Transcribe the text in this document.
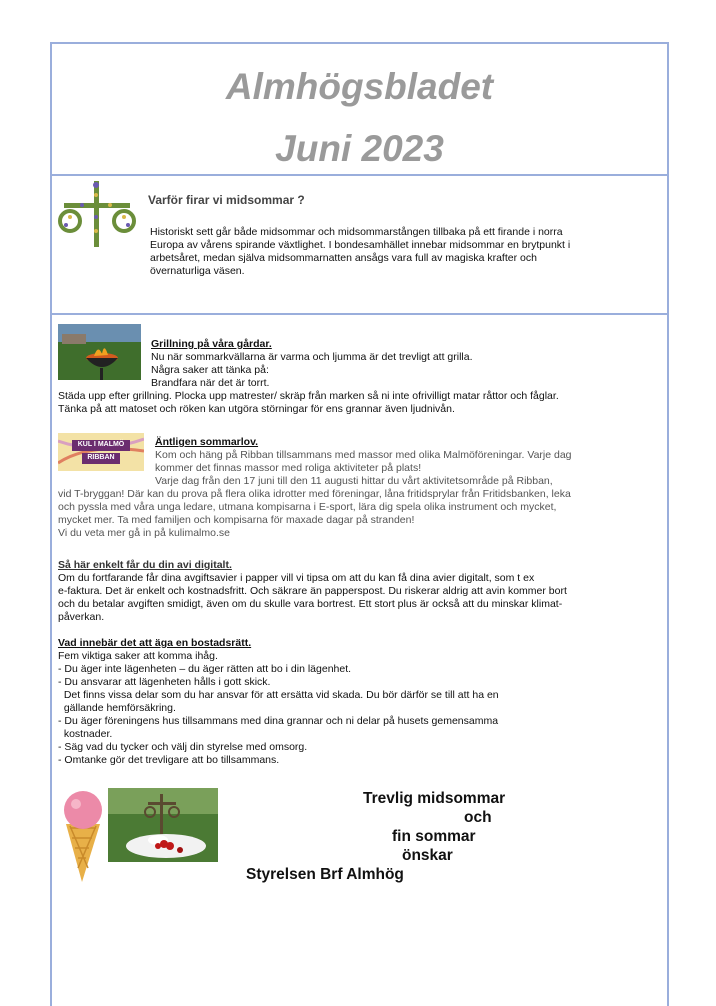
Almhögsbladet
Juni 2023
Varför firar vi midsommar ?
Historiskt sett går både midsommar och midsommarstången tillbaka på ett firande i norra
Europa av vårens spirande växtlighet. I bondesamhället innebar midsommar en brytpunkt i
arbetsåret, medan själva midsommarnatten ansågs vara full av magiska krafter och
övernaturliga väsen.
Grillning på våra gårdar.
Nu när sommarkvällarna är varma och ljumma är det trevligt att grilla.
Några saker att tänka på:
Brandfara när det är torrt.
Städa upp efter grillning. Plocka upp matrester/ skräp från marken så ni inte ofrivilligt matar råttor och fåglar.
Tänka på att matoset och röken kan utgöra störningar för ens grannar även ljudnivån.
KUL I MALMÖ
RIBBAN
Äntligen sommarlov.
Kom och häng på Ribban tillsammans med massor med olika Malmöföreningar. Varje dag
kommer det finnas massor med roliga aktiviteter på plats!
Varje dag från den 17 juni till den 11 augusti hittar du vårt aktivitetsområde på Ribban,
vid T-bryggan! Där kan du prova på flera olika idrotter med föreningar, låna fritidsprylar från Fritidsbanken, leka
och pyssla med våra unga ledare, utmana kompisarna i E-sport, lära dig spela olika instrument och mycket,
mycket mer. Ta med familjen och kompisarna för maxade dagar på stranden!
Vi du veta mer gå in på kulimalmo.se
Så här enkelt får du din avi digitalt.
Om du fortfarande får dina avgiftsavier i papper vill vi tipsa om att du kan få dina avier digitalt, som t ex
e-faktura. Det är enkelt och kostnadsfritt. Och säkrare än papperspost. Du riskerar aldrig att avin kommer bort
och du betalar avgiften smidigt, även om du skulle vara bortrest. Ett stort plus är också att du minskar klimat-
påverkan.
Vad innebär det att äga en bostadsrätt.
Fem viktiga saker att komma ihåg.
- Du äger inte lägenheten – du äger rätten att bo i din lägenhet.
- Du ansvarar att lägenheten hålls i gott skick.
Det finns vissa delar som du har ansvar för att ersätta vid skada. Du bör därför se till att ha en
gällande hemförsäkring.
- Du äger föreningens hus tillsammans med dina grannar och ni delar på husets gemensamma
kostnader.
- Säg vad du tycker och välj din styrelse med omsorg.
- Omtanke gör det trevligare att bo tillsammans.
Trevlig midsommar
och
fin sommar
önskar
Styrelsen Brf Almhög
